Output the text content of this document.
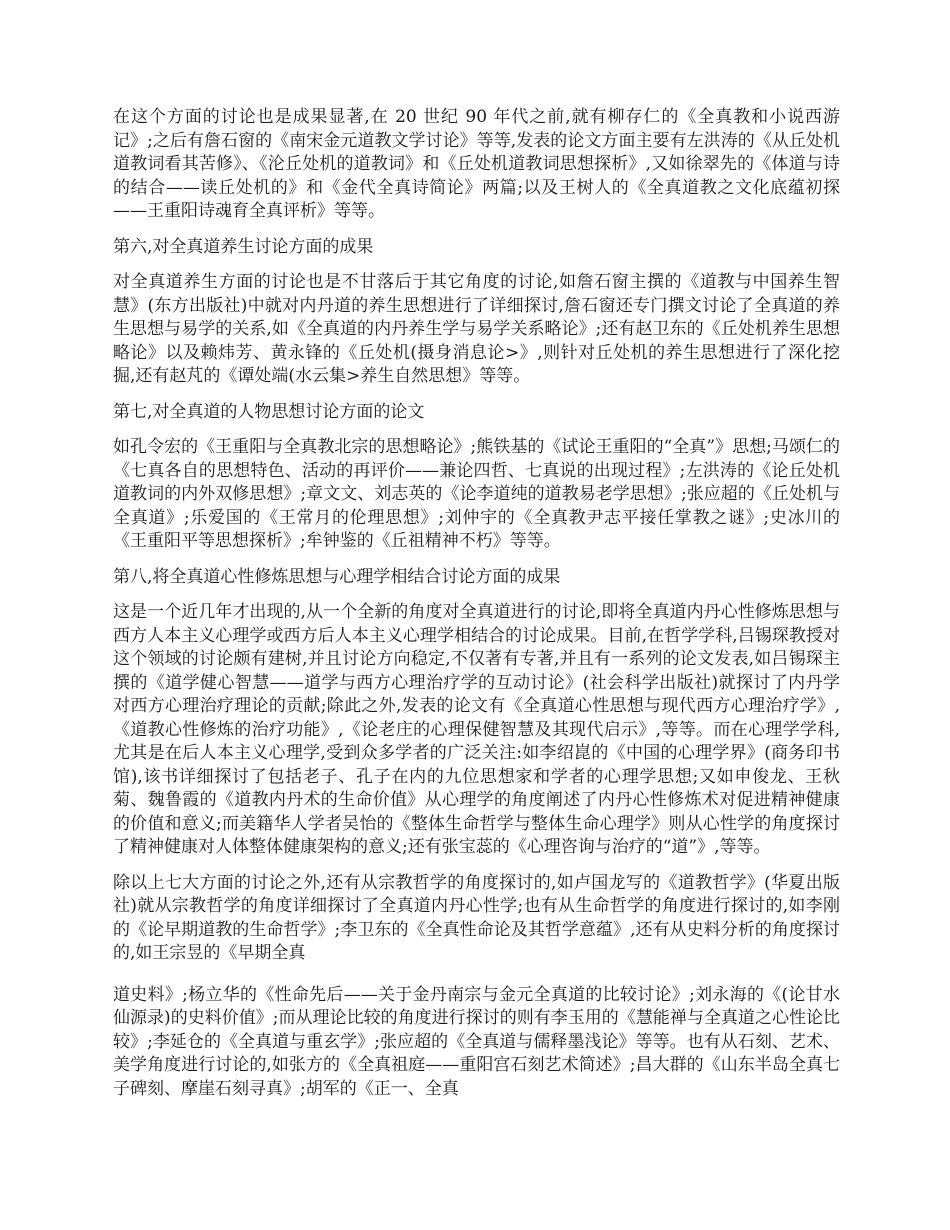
在这个方面的讨论也是成果显著,在 20 世纪 90 年代之前,就有柳存仁的《全真教和小说西游记》;之后有詹石窗的《南宋金元道教文学讨论》等等,发表的论文方面主要有左洪涛的《从丘处机道教词看其苦修》、《沦丘处机的道教词》和《丘处机道教词思想探析》,又如徐翠先的《体道与诗的结合——读丘处机的》和《金代全真诗简论》两篇;以及王树人的《全真道教之文化底蕴初探——王重阳诗魂育全真评析》等等。

第六,对全真道养生讨论方面的成果

对全真道养生方面的讨论也是不甘落后于其它角度的讨论,如詹石窗主撰的《道教与中国养生智慧》(东方出版社)中就对内丹道的养生思想进行了详细探讨,詹石窗还专门撰文讨论了全真道的养生思想与易学的关系,如《全真道的内丹养生学与易学关系略论》;还有赵卫东的《丘处机养生思想略论》以及赖炜芳、黄永锋的《丘处机(摄身消息论>》,则针对丘处机的养生思想进行了深化挖掘,还有赵芃的《谭处端(水云集>养生自然思想》等等。

第七,对全真道的人物思想讨论方面的论文

如孔令宏的《王重阳与全真教北宗的思想略论》;熊铁基的《试论王重阳的“全真”》思想;马颂仁的《七真各自的思想特色、活动的再评价——兼论四哲、七真说的出现过程》;左洪涛的《论丘处机道教词的内外双修思想》;章文文、刘志英的《论李道纯的道教易老学思想》;张应超的《丘处机与全真道》;乐爱国的《王常月的伦理思想》;刘仲宇的《全真教尹志平接任掌教之谜》;史冰川的《王重阳平等思想探析》;牟钟鉴的《丘祖精神不朽》等等。

第八,将全真道心性修炼思想与心理学相结合讨论方面的成果

这是一个近几年才出现的,从一个全新的角度对全真道进行的讨论,即将全真道内丹心性修炼思想与西方人本主义心理学或西方后人本主义心理学相结合的讨论成果。目前,在哲学学科,吕锡琛教授对这个领域的讨论颇有建树,并且讨论方向稳定,不仅著有专著,并且有一系列的论文发表,如吕锡琛主撰的《道学健心智慧——道学与西方心理治疗学的互动讨论》(社会科学出版社)就探讨了内丹学对西方心理治疗理论的贡献;除此之外,发表的论文有《全真道心性思想与现代西方心理治疗学》,《道教心性修炼的治疗功能》,《论老庄的心理保健智慧及其现代启示》,等等。而在心理学学科,尤其是在后人本主义心理学,受到众多学者的广泛关注:如李绍崑的《中国的心理学界》(商务印书馆),该书详细探讨了包括老子、孔子在内的九位思想家和学者的心理学思想;又如申俊龙、王秋菊、魏鲁霞的《道教内丹术的生命价值》从心理学的角度阐述了内丹心性修炼术对促进精神健康的价值和意义;而美籍华人学者吴怡的《整体生命哲学与整体生命心理学》则从心性学的角度探讨了精神健康对人体整体健康架构的意义;还有张宝蕊的《心理咨询与治疗的“道”》,等等。

除以上七大方面的讨论之外,还有从宗教哲学的角度探讨的,如卢国龙写的《道教哲学》(华夏出版社)就从宗教哲学的角度详细探讨了全真道内丹心性学;也有从生命哲学的角度进行探讨的,如李刚的《论早期道教的生命哲学》;李卫东的《全真性命论及其哲学意蕴》,还有从史料分析的角度探讨的,如王宗昱的《早期全真

道史料》;杨立华的《性命先后——关于金丹南宗与金元全真道的比较讨论》;刘永海的《(论甘水仙源录)的史料价值》;而从理论比较的角度进行探讨的则有李玉用的《慧能禅与全真道之心性论比较》;李延仓的《全真道与重玄学》;张应超的《全真道与儒释墨浅论》等等。也有从石刻、艺术、美学角度进行讨论的,如张方的《全真祖庭——重阳宫石刻艺术简述》;昌大群的《山东半岛全真七子碑刻、摩崖石刻寻真》;胡军的《正一、全真
